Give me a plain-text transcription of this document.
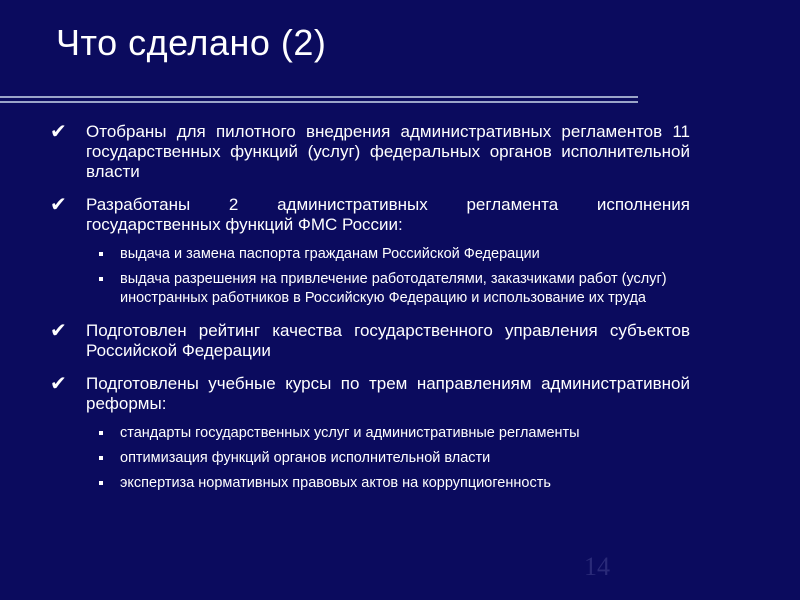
Что сделано (2)
✔ Отобраны для пилотного внедрения административных регламентов 11 государственных функций (услуг) федеральных органов исполнительной власти
✔ Разработаны 2 административных регламента исполнения государственных функций ФМС России:
выдача и замена паспорта гражданам Российской Федерации
выдача разрешения на привлечение работодателями, заказчиками работ (услуг) иностранных работников в Российскую Федерацию и использование их труда
✔ Подготовлен рейтинг качества государственного управления субъектов Российской Федерации
✔ Подготовлены учебные курсы по трем направлениям административной реформы:
стандарты государственных услуг и административные регламенты
оптимизация функций органов исполнительной власти
экспертиза нормативных правовых актов на коррупциогенность
14
